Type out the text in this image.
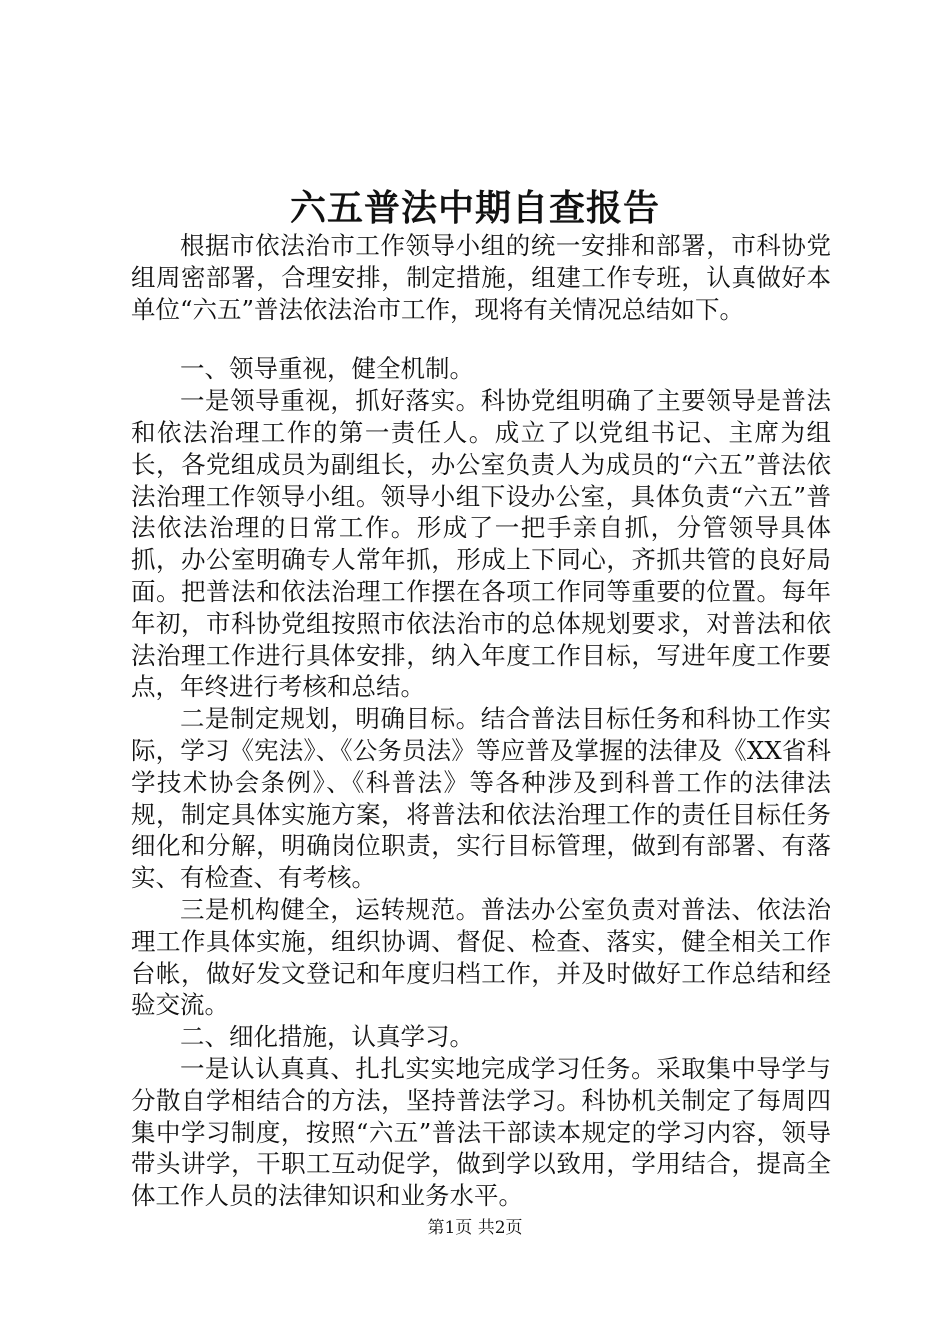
六五普法中期自查报告

根据市依法治市工作领导小组的统一安排和部署，市科协党组周密部署，合理安排，制定措施，组建工作专班，认真做好本单位“六五”普法依法治市工作，现将有关情况总结如下。

一、领导重视，健全机制。

一是领导重视，抓好落实。科协党组明确了主要领导是普法和依法治理工作的第一责任人。成立了以党组书记、主席为组长，各党组成员为副组长，办公室负责人为成员的“六五”普法依法治理工作领导小组。领导小组下设办公室，具体负责“六五”普法依法治理的日常工作。形成了一把手亲自抓，分管领导具体抓，办公室明确专人常年抓，形成上下同心，齐抓共管的良好局面。把普法和依法治理工作摆在各项工作同等重要的位置。每年年初，市科协党组按照市依法治市的总体规划要求，对普法和依法治理工作进行具体安排，纳入年度工作目标，写进年度工作要点，年终进行考核和总结。

二是制定规划，明确目标。结合普法目标任务和科协工作实际，学习《宪法》、《公务员法》等应普及掌握的法律及《XX省科学技术协会条例》、《科普法》等各种涉及到科普工作的法律法规，制定具体实施方案，将普法和依法治理工作的责任目标任务细化和分解，明确岗位职责，实行目标管理，做到有部署、有落实、有检查、有考核。

三是机构健全，运转规范。普法办公室负责对普法、依法治理工作具体实施，组织协调、督促、检查、落实，健全相关工作台帐，做好发文登记和年度归档工作，并及时做好工作总结和经验交流。

二、细化措施，认真学习。

一是认认真真、扎扎实实地完成学习任务。采取集中导学与分散自学相结合的方法，坚持普法学习。科协机关制定了每周四集中学习制度，按照“六五”普法干部读本规定的学习内容，领导带头讲学，干职工互动促学，做到学以致用，学用结合，提高全体工作人员的法律知识和业务水平。

第1页 共2页
